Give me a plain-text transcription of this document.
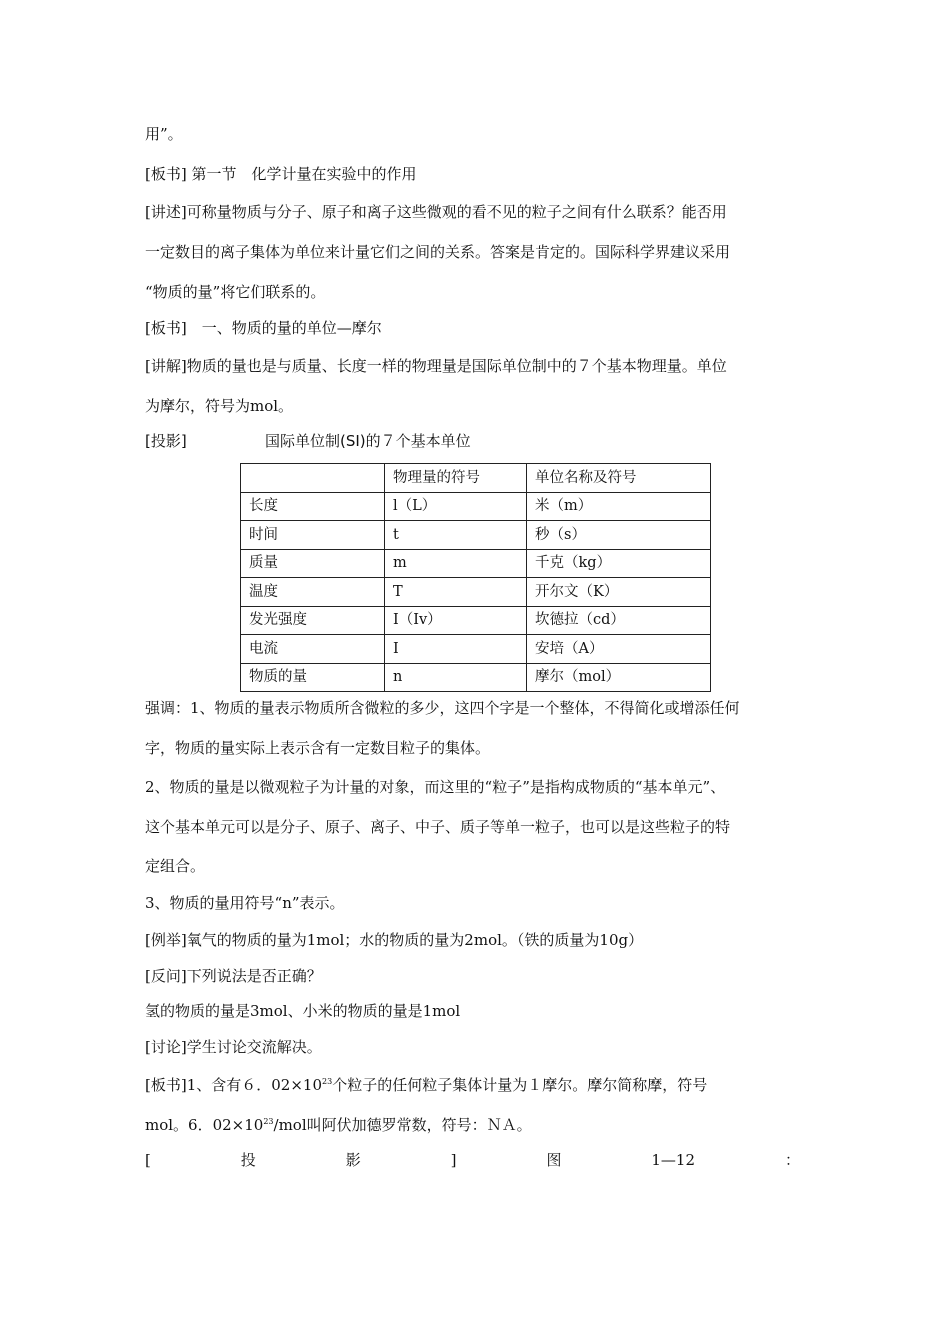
用”。
[板书] 第一节　化学计量在实验中的作用
[讲述]可称量物质与分子、原子和离子这些微观的看不见的粒子之间有什么联系？能否用
一定数目的离子集体为单位来计量它们之间的关系。答案是肯定的。国际科学界建议采用
“物质的量”将它们联系的。
[板书]　一、物质的量的单位—摩尔
[讲解]物质的量也是与质量、长度一样的物理量是国际单位制中的７个基本物理量。单位
为摩尔，符号为mol。
[投影]	国际单位制(SI)的７个基本单位
	物理量的符号	单位名称及符号
长度	l（L）	米（m）
时间	t	秒（s）
质量	m	千克（kg）
温度	T	开尔文（K）
发光强度	I（Iv）	坎德拉（cd）
电流	I	安培（A）
物质的量	n	摩尔（mol）
强调：1、物质的量表示物质所含微粒的多少，这四个字是一个整体，不得简化或增添任何
字，物质的量实际上表示含有一定数目粒子的集体。
2、物质的量是以微观粒子为计量的对象，而这里的“粒子”是指构成物质的“基本单元”、
这个基本单元可以是分子、原子、离子、中子、质子等单一粒子，也可以是这些粒子的特
定组合。
3、物质的量用符号“n”表示。
[例举]氧气的物质的量为1mol；水的物质的量为2mol。（铁的质量为10g）
[反问]下列说法是否正确？
氢的物质的量是3mol、小米的物质的量是1mol
[讨论]学生讨论交流解决。
[板书]1、含有６．$02\times 10^{23}$个粒子的任何粒子集体计量为１摩尔。摩尔简称摩，符号
mol。6．$02\times 10^{23}$/mol叫阿伏加德罗常数，符号：ＮＡ。
[	投	影	]	图	1—12	：
